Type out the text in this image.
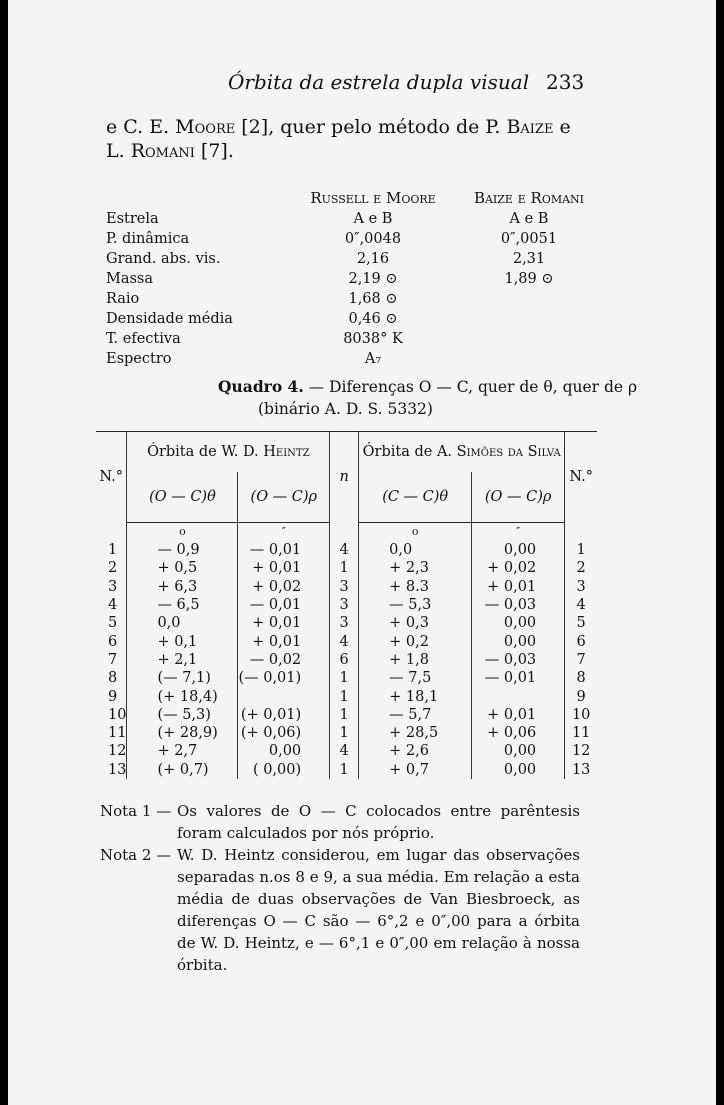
Órbita da estrela dupla visual 233
e C. E. Moore [2], quer pelo método de P. Baize e L. Romani [7].
	Russell e Moore	Baize e Romani
Estrela	A e B	A e B
P. dinâmica	0″,0048	0″,0051
Grand. abs. vis.	2,16	2,31
Massa	2,19 ⊙	1,89 ⊙
Raio	1,68 ⊙	
Densidade média	0,46 ⊙	
T. efectiva	8038° K	
Espectro	A₇	
Quadro 4. — Diferenças O — C, quer de θ, quer de ρ
(binário A. D. S. 5332)
N.°	Órbita de W. D. Heintz		n	Órbita de A. Simões da Silva		N.°
	(O — C)θ	(O — C)ρ		(C — C)θ	(O — C)ρ	
	o	″		o	″	
1	— 0,9	— 0,01	4	0,0	0,00	1
2	+ 0,5	+ 0,01	1	+ 2,3	+ 0,02	2
3	+ 6,3	+ 0,02	3	+ 8.3	+ 0,01	3
4	— 6,5	— 0,01	3	— 5,3	— 0,03	4
5	0,0	+ 0,01	3	+ 0,3	0,00	5
6	+ 0,1	+ 0,01	4	+ 0,2	0,00	6
7	+ 2,1	— 0,02	6	+ 1,8	— 0,03	7
8	(— 7,1)	(— 0,01)	1	— 7,5	— 0,01	8
9	(+ 18,4)		1	+ 18,1		9
10	(— 5,3)	(+ 0,01)	1	— 5,7	+ 0,01	10
11	(+ 28,9)	(+ 0,06)	1	+ 28,5	+ 0,06	11
12	+ 2,7	0,00	4	+ 2,6	0,00	12
13	(+ 0,7)	( 0,00)	1	+ 0,7	0,00	13
Nota 1 — Os valores de O — C colocados entre parêntesis foram calculados por nós próprio.
Nota 2 — W. D. Heintz considerou, em lugar das observações separadas n.os 8 e 9, a sua média. Em relação a esta média de duas observações de Van Biesbroeck, as diferenças O — C são — 6°,2 e 0″,00 para a órbita de W. D. Heintz, e — 6°,1 e 0″,00 em relação à nossa órbita.
